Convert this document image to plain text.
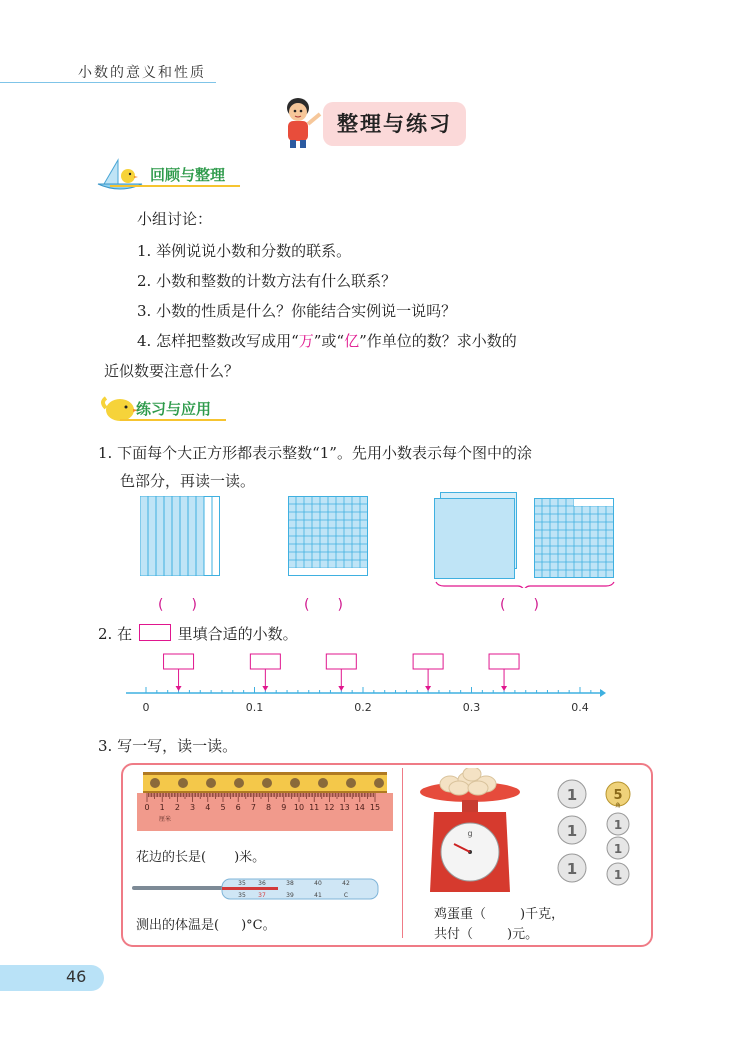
小数的意义和性质
整理与练习
回顾与整理
小组讨论：
1. 举例说说小数和分数的联系。
2. 小数和整数的计数方法有什么联系？
3. 小数的性质是什么？你能结合实例说一说吗？
4. 怎样把整数改写成用“万”或“亿”作单位的数？求小数的
近似数要注意什么？
练习与应用
1. 下面每个大正方形都表示整数“1”。先用小数表示每个图中的涂
色部分，再读一读。
(　　)	(　　)	(　　)
2. 在	里填合适的小数。
0	0.1	0.2	0.3	0.4
3. 写一写，读一读。
0 1 2 3 4 5 6 7 8 9 10 11 12 13 14 15
厘米
花边的长是( )米。
35 36	38	40	42
35 37	39	41	C
测出的体温是( )°C。
g
1	5
角
1	1
1
1
1
鸡蛋重（	)千克，
共付（	)元。
46
